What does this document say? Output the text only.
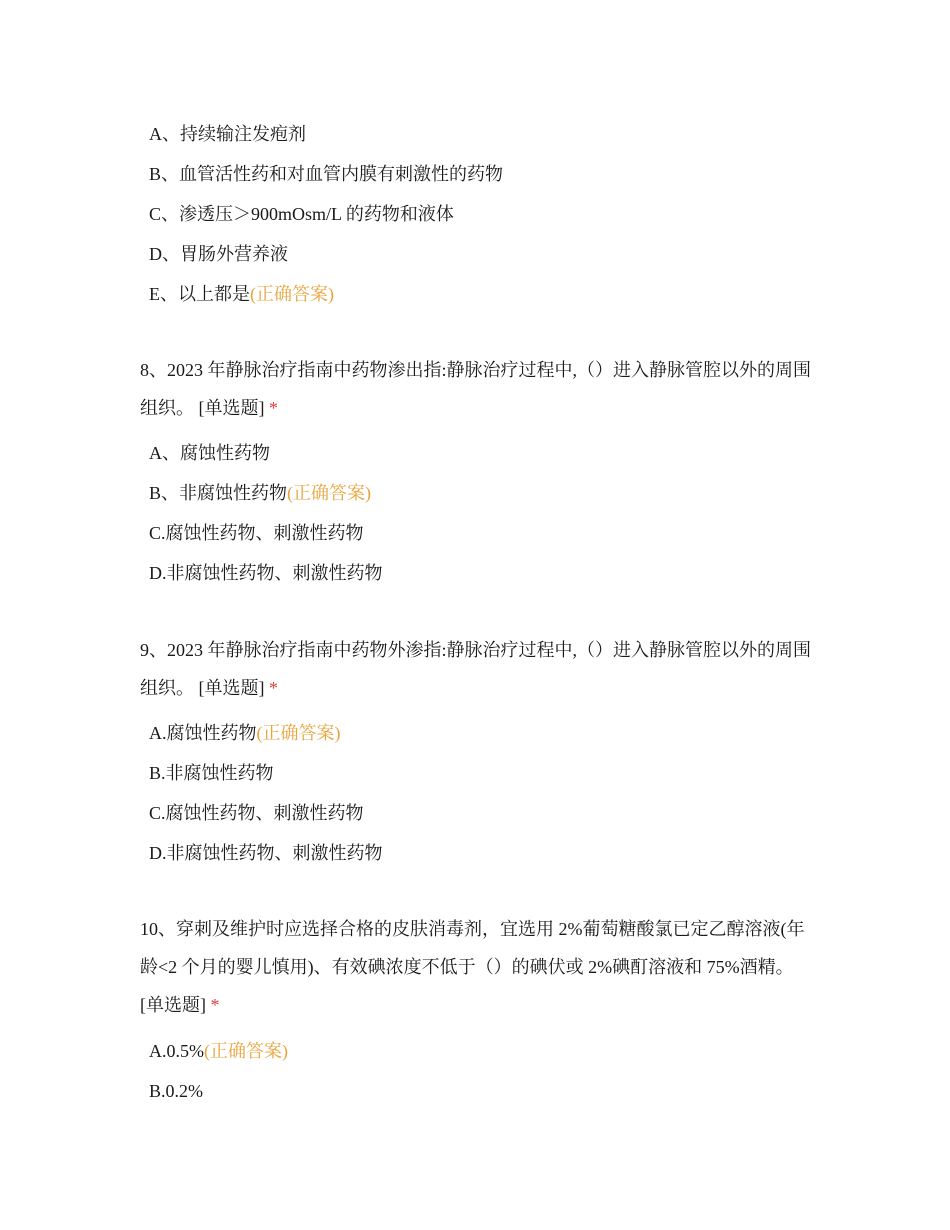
A、持续输注发疱剂
B、血管活性药和对血管内膜有刺激性的药物
C、渗透压＞900mOsm/L 的药物和液体
D、胃肠外营养液
E、以上都是(正确答案)
8、2023 年静脉治疗指南中药物渗出指:静脉治疗过程中,（）进入静脉管腔以外的周围组织。 [单选题] *
A、腐蚀性药物
B、非腐蚀性药物(正确答案)
C.腐蚀性药物、刺激性药物
D.非腐蚀性药物、刺激性药物
9、2023 年静脉治疗指南中药物外渗指:静脉治疗过程中,（）进入静脉管腔以外的周围组织。 [单选题] *
A.腐蚀性药物(正确答案)
B.非腐蚀性药物
C.腐蚀性药物、刺激性药物
D.非腐蚀性药物、刺激性药物
10、穿刺及维护时应选择合格的皮肤消毒剂，宜选用 2%葡萄糖酸氯已定乙醇溶液(年龄<2 个月的婴儿慎用)、有效碘浓度不低于（）的碘伏或 2%碘酊溶液和 75%酒精。 [单选题] *
A.0.5%(正确答案)
B.0.2%
